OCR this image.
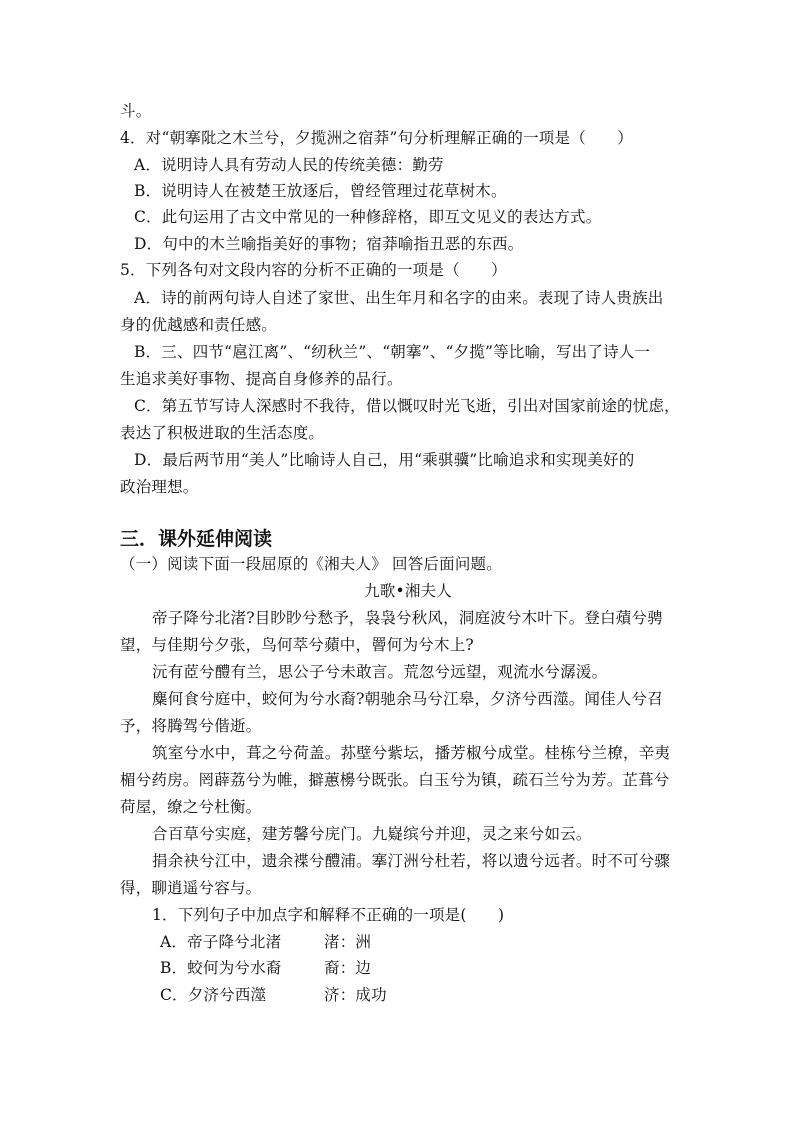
斗。
4．对“朝搴阰之木兰兮，夕揽洲之宿莽”句分析理解正确的一项是（　　）
A．说明诗人具有劳动人民的传统美德：勤劳
B．说明诗人在被楚王放逐后，曾经管理过花草树木。
C．此句运用了古文中常见的一种修辞格，即互文见义的表达方式。
D．句中的木兰喻指美好的事物；宿莽喻指丑恶的东西。
5．下列各句对文段内容的分析不正确的一项是（　　）
A．诗的前两句诗人自述了家世、出生年月和名字的由来。表现了诗人贵族出
身的优越感和责任感。
B．三、四节“扈江离”、“纫秋兰”、“朝搴”、“夕揽”等比喻，写出了诗人一
生追求美好事物、提高自身修养的品行。
C．第五节写诗人深感时不我待，借以慨叹时光飞逝，引出对国家前途的忧虑，
表达了积极进取的生活态度。
D．最后两节用“美人”比喻诗人自己，用“乘骐骥”比喻追求和实现美好的
政治理想。
三．课外延伸阅读
（一）阅读下面一段屈原的《湘夫人》 回答后面问题。
九歌•湘夫人
帝子降兮北渚?目眇眇兮愁予，袅袅兮秋风，洞庭波兮木叶下。登白薠兮骋
望，与佳期兮夕张，鸟何萃兮蘋中，罾何为兮木上?
沅有茝兮醴有兰，思公子兮未敢言。荒忽兮远望，观流水兮潺湲。
麋何食兮庭中，蛟何为兮水裔?朝驰余马兮江皋，夕济兮西澨。闻佳人兮召
予，将腾驾兮偕逝。
筑室兮水中，葺之兮荷盖。荪壁兮紫坛，播芳椒兮成堂。桂栋兮兰橑，辛夷
楣兮药房。罔薜荔兮为帷，擗蕙櫋兮既张。白玉兮为镇，疏石兰兮为芳。芷葺兮
荷屋，缭之兮杜衡。
合百草兮实庭，建芳馨兮庑门。九嶷缤兮并迎，灵之来兮如云。
捐余袂兮江中，遗余褋兮醴浦。搴汀洲兮杜若，将以遗兮远者。时不可兮骤
得，聊逍遥兮容与。
1．下列句子中加点字和解释不正确的一项是(　　)
A．帝子降兮北渚	渚：洲
B．蛟何为兮水裔	裔：边
C．夕济兮西澨	济：成功
